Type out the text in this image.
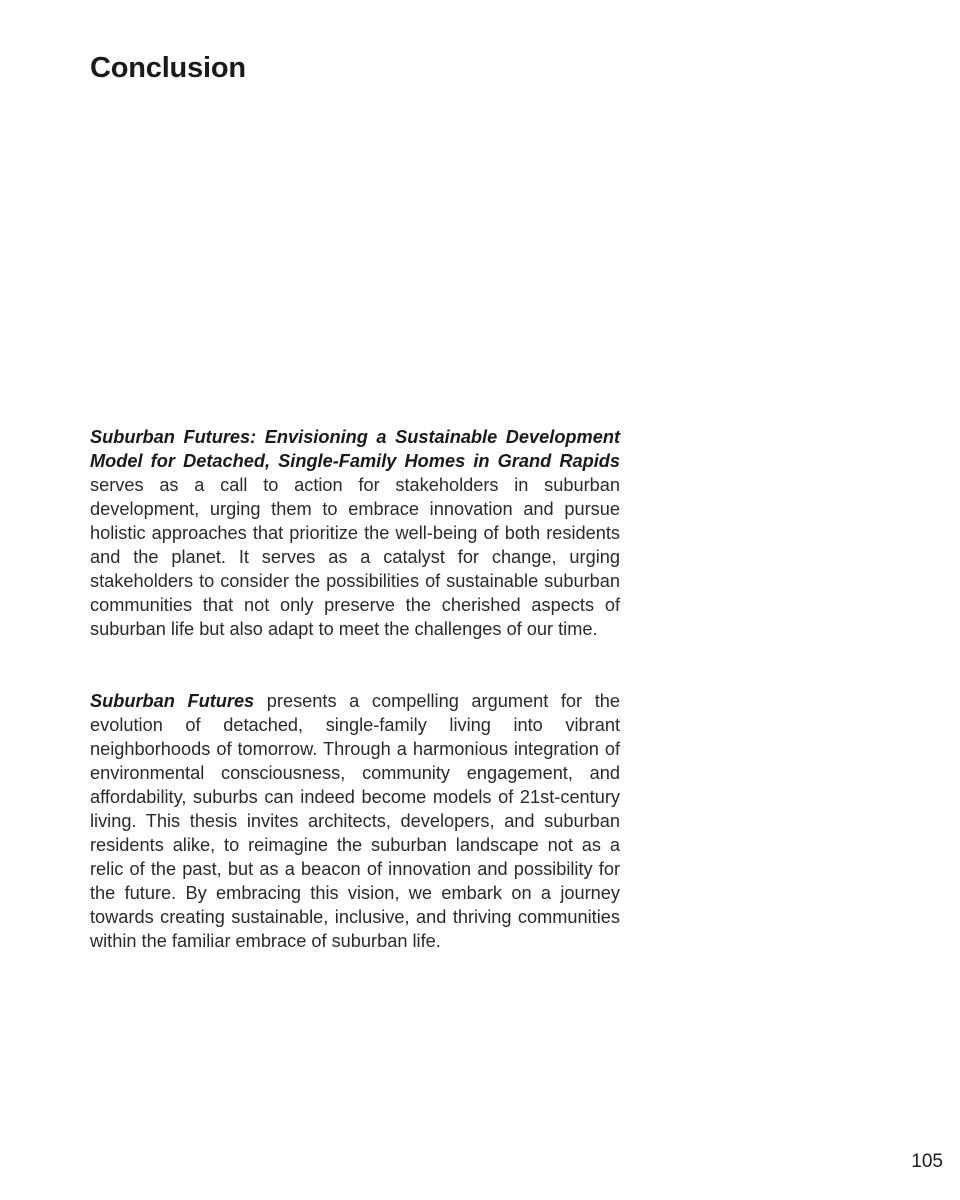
Conclusion

Suburban Futures: Envisioning a Sustainable Development Model for Detached, Single-Family Homes in Grand Rapids serves as a call to action for stakeholders in suburban development, urging them to embrace innovation and pursue holistic approaches that prioritize the well-being of both residents and the planet. It serves as a catalyst for change, urging stakeholders to consider the possibilities of sustainable suburban communities that not only preserve the cherished aspects of suburban life but also adapt to meet the challenges of our time.

Suburban Futures presents a compelling argument for the evolution of detached, single-family living into vibrant neighborhoods of tomorrow. Through a harmonious integration of environmental consciousness, community engagement, and affordability, suburbs can indeed become models of 21st-century living. This thesis invites architects, developers, and suburban residents alike, to reimagine the suburban landscape not as a relic of the past, but as a beacon of innovation and possibility for the future. By embracing this vision, we embark on a journey towards creating sustainable, inclusive, and thriving communities within the familiar embrace of suburban life.

105
